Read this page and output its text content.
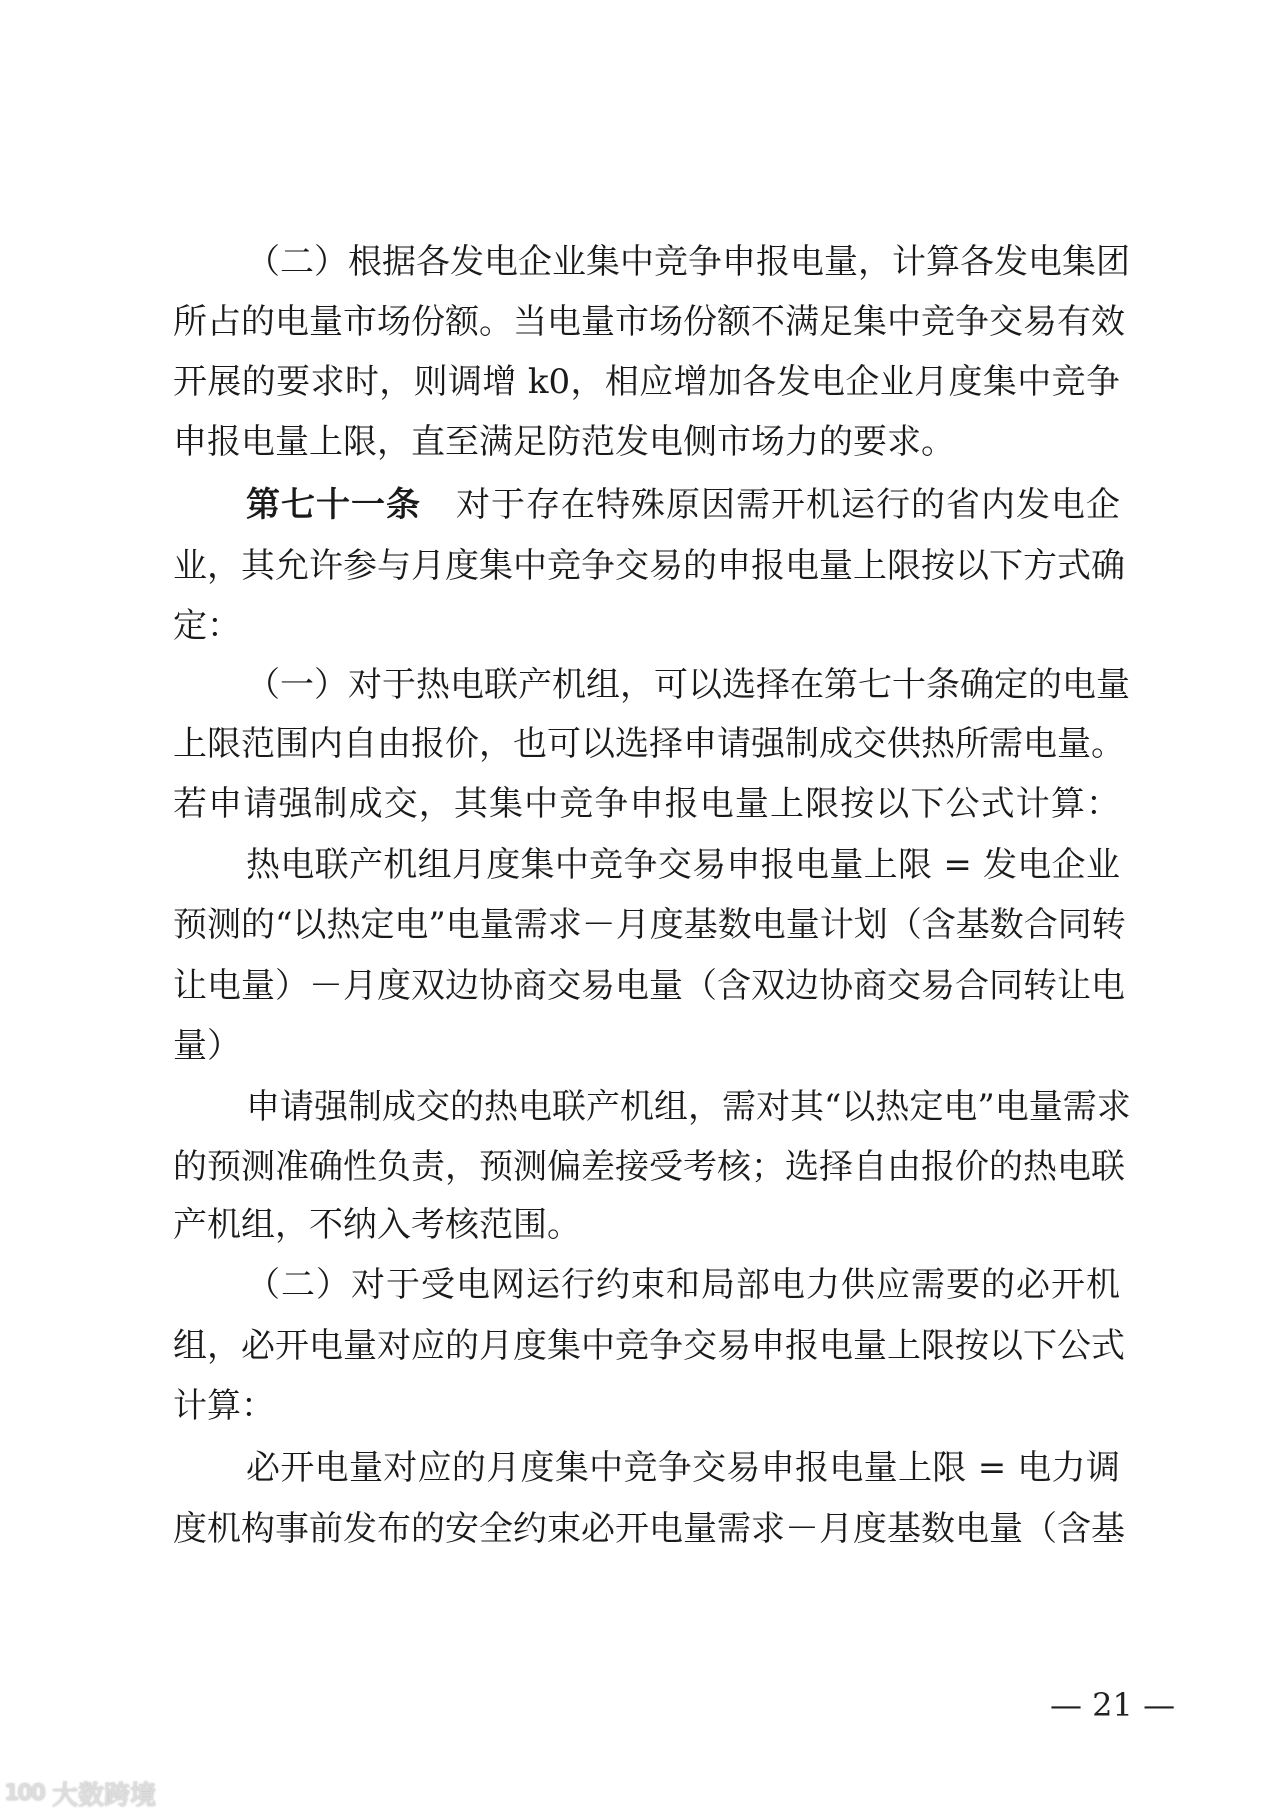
（二）根据各发电企业集中竞争申报电量，计算各发电集团
所占的电量市场份额。当电量市场份额不满足集中竞争交易有效
开展的要求时，则调增 k0，相应增加各发电企业月度集中竞争
申报电量上限，直至满足防范发电侧市场力的要求。
第七十一条　 对于存在特殊原因需开机运行的省内发电企
业，其允许参与月度集中竞争交易的申报电量上限按以下方式确
定：
（一）对于热电联产机组，可以选择在第七十条确定的电量
上限范围内自由报价，也可以选择申请强制成交供热所需电量。
若申请强制成交，其集中竞争申报电量上限按以下公式计算：
热电联产机组月度集中竞争交易申报电量上限 = 发电企业
预测的“以热定电”电量需求－月度基数电量计划（含基数合同转
让电量）－月度双边协商交易电量（含双边协商交易合同转让电
量）
申请强制成交的热电联产机组，需对其“以热定电”电量需求
的预测准确性负责，预测偏差接受考核；选择自由报价的热电联
产机组，不纳入考核范围。
（二）对于受电网运行约束和局部电力供应需要的必开机
组，必开电量对应的月度集中竞争交易申报电量上限按以下公式
计算：
必开电量对应的月度集中竞争交易申报电量上限 = 电力调
度机构事前发布的安全约束必开电量需求－月度基数电量（含基
— 21 —
100 大数跨境
